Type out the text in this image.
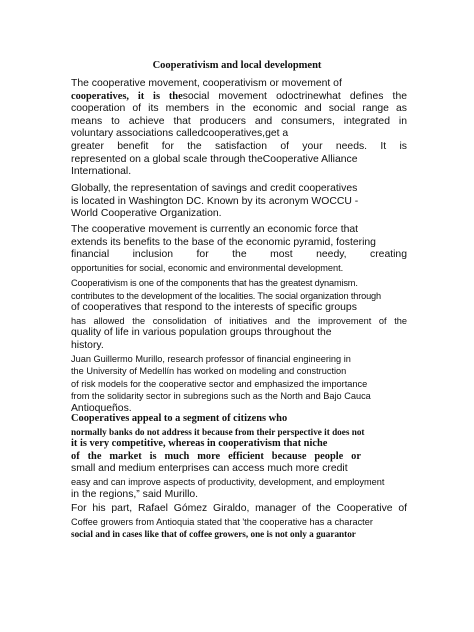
Cooperativism and local development
The cooperative movement, cooperativism or movement of
cooperatives, it is thesocial movement odoctrinewhat defines the
cooperation of its members in the economic and social range as
means to achieve that producers and consumers, integrated in
voluntary associations calledcooperatives,get a
greater benefit for the satisfaction of your needs. It is
represented on a global scale through theCooperative Alliance
International.
Globally, the representation of savings and credit cooperatives
is located in Washington DC. Known by its acronym WOCCU -
World Cooperative Organization.
The cooperative movement is currently an economic force that
extends its benefits to the base of the economic pyramid, fostering
financial inclusion for the most needy, creating
opportunities for social, economic and environmental development.
Cooperativism is one of the components that has the greatest dynamism.
contributes to the development of the localities. The social organization through
of cooperatives that respond to the interests of specific groups
has allowed the consolidation of initiatives and the improvement of the
quality of life in various population groups throughout the
history.
Juan Guillermo Murillo, research professor of financial engineering in
the University of Medellín has worked on modeling and construction
of risk models for the cooperative sector and emphasized the importance
from the solidarity sector in subregions such as the North and Bajo Cauca
Antioqueños.
Cooperatives appeal to a segment of citizens who
normally banks do not address it because from their perspective it does not
it is very competitive, whereas in cooperativism that niche
of the market is much more efficient because people or
small and medium enterprises can access much more credit
easy and can improve aspects of productivity, development, and employment
in the regions,” said Murillo.
For his part, Rafael Gómez Giraldo, manager of the Cooperative of
Coffee growers from Antioquia stated that 'the cooperative has a character
social and in cases like that of coffee growers, one is not only a guarantor
